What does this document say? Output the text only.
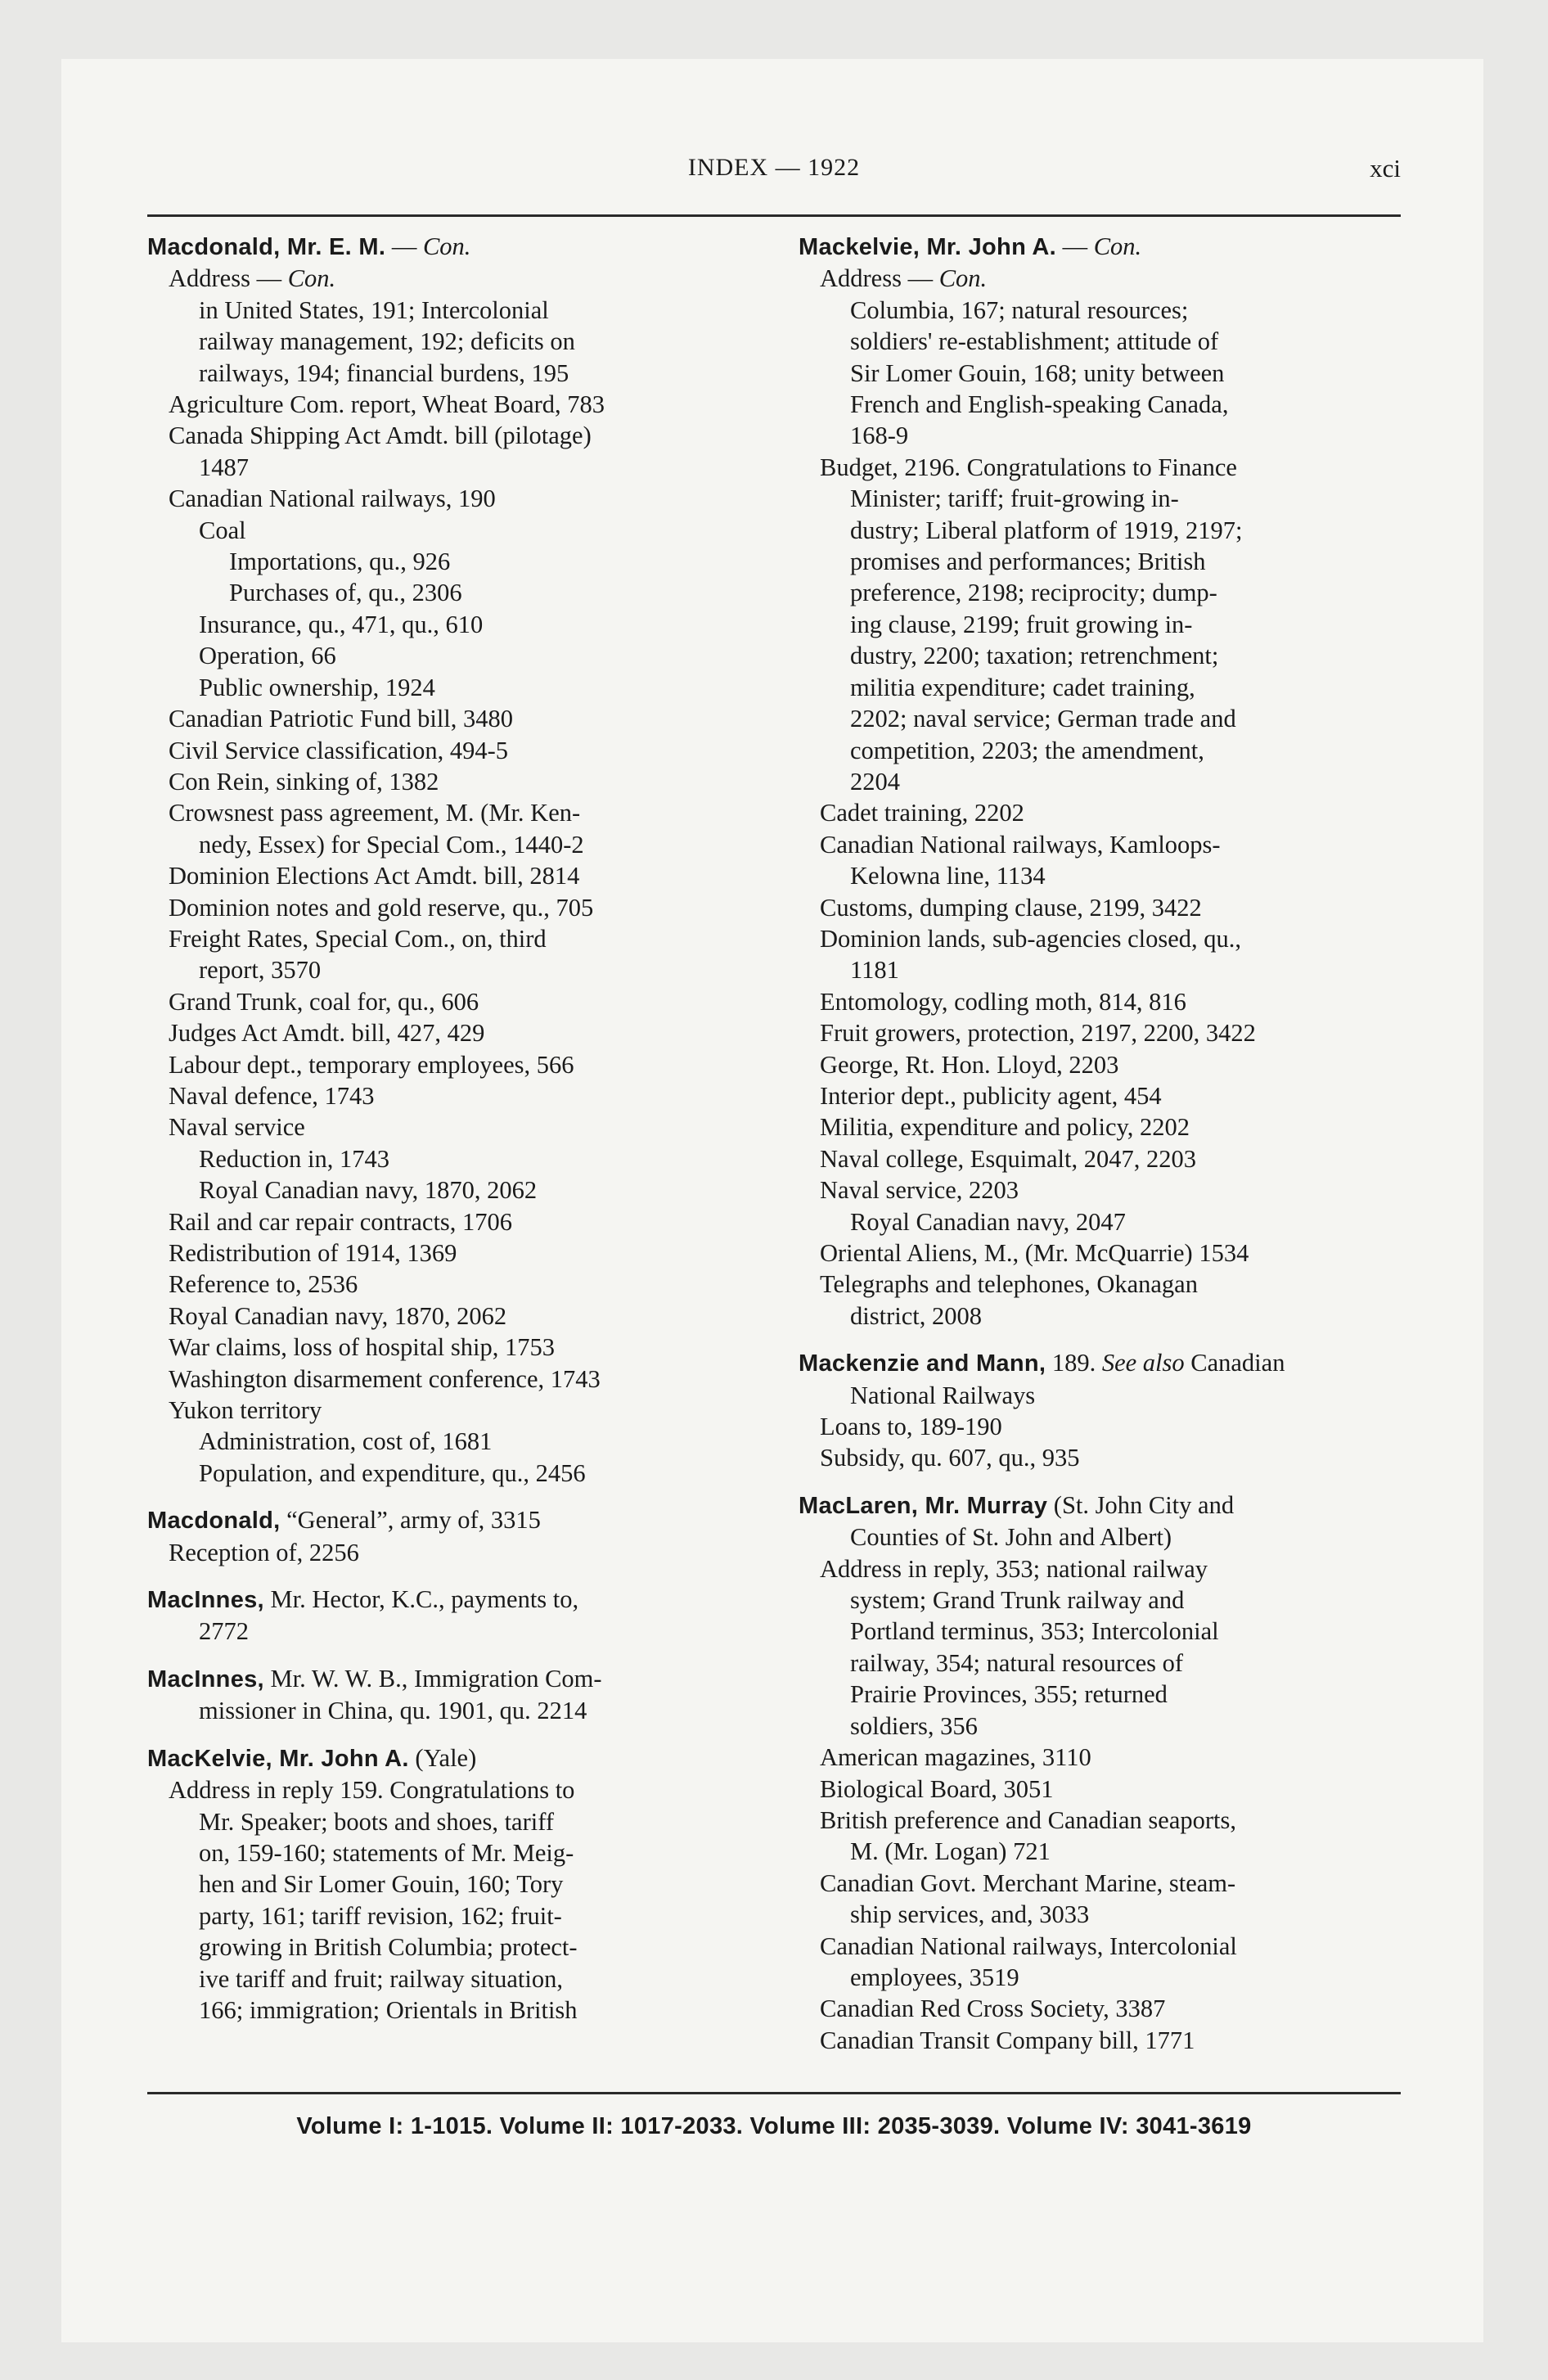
INDEX — 1922	xci
Macdonald, Mr. E. M. — Con.
Address — Con.
in United States, 191; Intercolonial
railway management, 192; deficits on
railways, 194; financial burdens, 195
Agriculture Com. report, Wheat Board, 783
Canada Shipping Act Amdt. bill (pilotage)
1487
Canadian National railways, 190
Coal
Importations, qu., 926
Purchases of, qu., 2306
Insurance, qu., 471, qu., 610
Operation, 66
Public ownership, 1924
Canadian Patriotic Fund bill, 3480
Civil Service classification, 494-5
Con Rein, sinking of, 1382
Crowsnest pass agreement, M. (Mr. Ken-
nedy, Essex) for Special Com., 1440-2
Dominion Elections Act Amdt. bill, 2814
Dominion notes and gold reserve, qu., 705
Freight Rates, Special Com., on, third
report, 3570
Grand Trunk, coal for, qu., 606
Judges Act Amdt. bill, 427, 429
Labour dept., temporary employees, 566
Naval defence, 1743
Naval service
Reduction in, 1743
Royal Canadian navy, 1870, 2062
Rail and car repair contracts, 1706
Redistribution of 1914, 1369
Reference to, 2536
Royal Canadian navy, 1870, 2062
War claims, loss of hospital ship, 1753
Washington disarmement conference, 1743
Yukon territory
Administration, cost of, 1681
Population, and expenditure, qu., 2456
Macdonald, “General”, army of, 3315
Reception of, 2256
MacInnes, Mr. Hector, K.C., payments to,
2772
MacInnes, Mr. W. W. B., Immigration Com-
missioner in China, qu. 1901, qu. 2214
MacKelvie, Mr. John A. (Yale)
Address in reply 159. Congratulations to
Mr. Speaker; boots and shoes, tariff
on, 159-160; statements of Mr. Meig-
hen and Sir Lomer Gouin, 160; Tory
party, 161; tariff revision, 162; fruit-
growing in British Columbia; protect-
ive tariff and fruit; railway situation,
166; immigration; Orientals in British
Mackelvie, Mr. John A. — Con.
Address — Con.
Columbia, 167; natural resources;
soldiers' re-establishment; attitude of
Sir Lomer Gouin, 168; unity between
French and English-speaking Canada,
168-9
Budget, 2196. Congratulations to Finance
Minister; tariff; fruit-growing in-
dustry; Liberal platform of 1919, 2197;
promises and performances; British
preference, 2198; reciprocity; dump-
ing clause, 2199; fruit growing in-
dustry, 2200; taxation; retrenchment;
militia expenditure; cadet training,
2202; naval service; German trade and
competition, 2203; the amendment,
2204
Cadet training, 2202
Canadian National railways, Kamloops-
Kelowna line, 1134
Customs, dumping clause, 2199, 3422
Dominion lands, sub-agencies closed, qu.,
1181
Entomology, codling moth, 814, 816
Fruit growers, protection, 2197, 2200, 3422
George, Rt. Hon. Lloyd, 2203
Interior dept., publicity agent, 454
Militia, expenditure and policy, 2202
Naval college, Esquimalt, 2047, 2203
Naval service, 2203
Royal Canadian navy, 2047
Oriental Aliens, M., (Mr. McQuarrie) 1534
Telegraphs and telephones, Okanagan
district, 2008
Mackenzie and Mann, 189. See also Canadian
National Railways
Loans to, 189-190
Subsidy, qu. 607, qu., 935
MacLaren, Mr. Murray (St. John City and
Counties of St. John and Albert)
Address in reply, 353; national railway
system; Grand Trunk railway and
Portland terminus, 353; Intercolonial
railway, 354; natural resources of
Prairie Provinces, 355; returned
soldiers, 356
American magazines, 3110
Biological Board, 3051
British preference and Canadian seaports,
M. (Mr. Logan) 721
Canadian Govt. Merchant Marine, steam-
ship services, and, 3033
Canadian National railways, Intercolonial
employees, 3519
Canadian Red Cross Society, 3387
Canadian Transit Company bill, 1771
Volume I: 1-1015. Volume II: 1017-2033. Volume III: 2035-3039. Volume IV: 3041-3619
